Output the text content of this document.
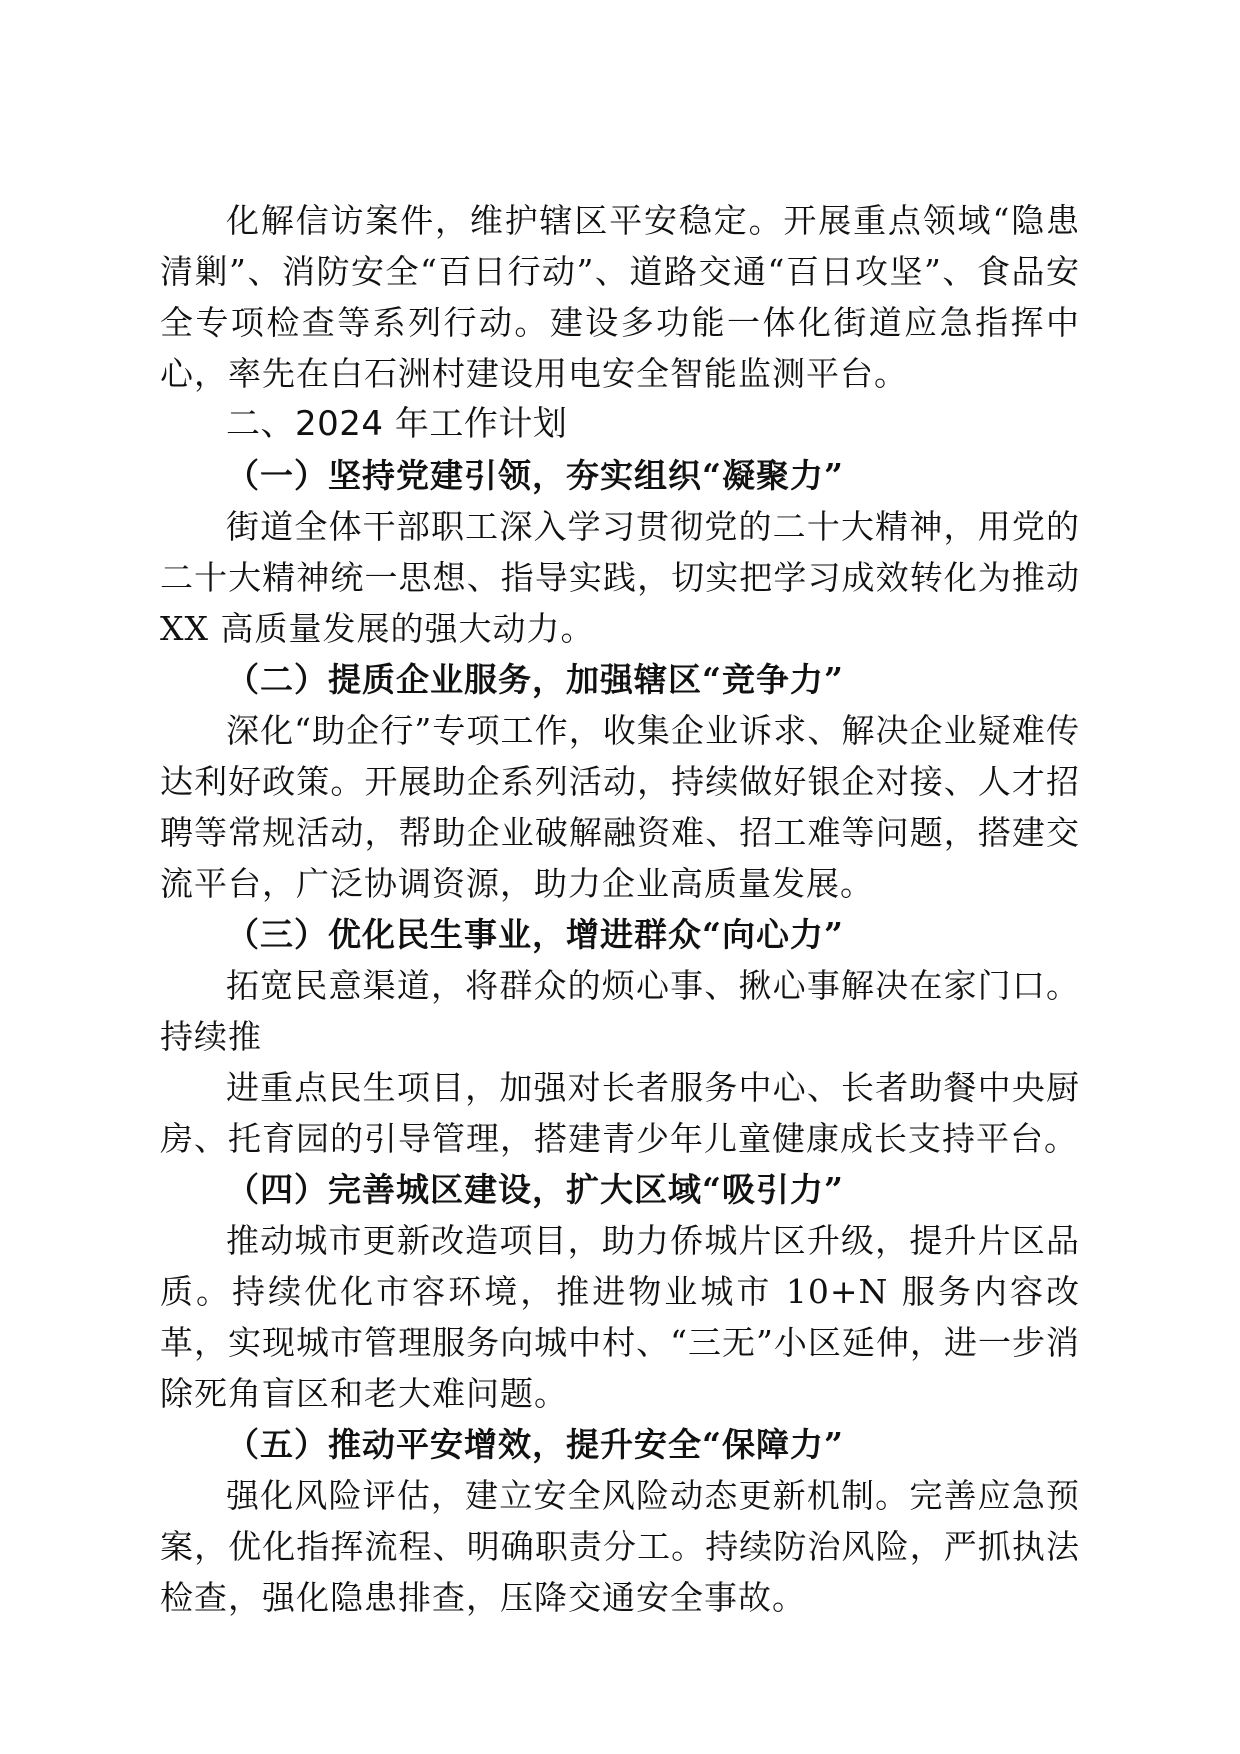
化解信访案件，维护辖区平安稳定。开展重点领域“隐患清剿”、消防安全“百日行动”、道路交通“百日攻坚”、食品安全专项检查等系列行动。建设多功能一体化街道应急指挥中心，率先在白石洲村建设用电安全智能监测平台。

二、2024 年工作计划

（一）坚持党建引领，夯实组织“凝聚力”

街道全体干部职工深入学习贯彻党的二十大精神，用党的二十大精神统一思想、指导实践，切实把学习成效转化为推动 XX 高质量发展的强大动力。

（二）提质企业服务，加强辖区“竞争力”

深化“助企行”专项工作，收集企业诉求、解决企业疑难传达利好政策。开展助企系列活动，持续做好银企对接、人才招聘等常规活动，帮助企业破解融资难、招工难等问题，搭建交流平台，广泛协调资源，助力企业高质量发展。

（三）优化民生事业，增进群众“向心力”

拓宽民意渠道，将群众的烦心事、揪心事解决在家门口。持续推

进重点民生项目，加强对长者服务中心、长者助餐中央厨房、托育园的引导管理，搭建青少年儿童健康成长支持平台。

（四）完善城区建设，扩大区域“吸引力”

推动城市更新改造项目，助力侨城片区升级，提升片区品质。持续优化市容环境，推进物业城市 10+N 服务内容改革，实现城市管理服务向城中村、“三无”小区延伸，进一步消除死角盲区和老大难问题。

（五）推动平安增效，提升安全“保障力”

强化风险评估，建立安全风险动态更新机制。完善应急预案，优化指挥流程、明确职责分工。持续防治风险，严抓执法检查，强化隐患排查，压降交通安全事故。
